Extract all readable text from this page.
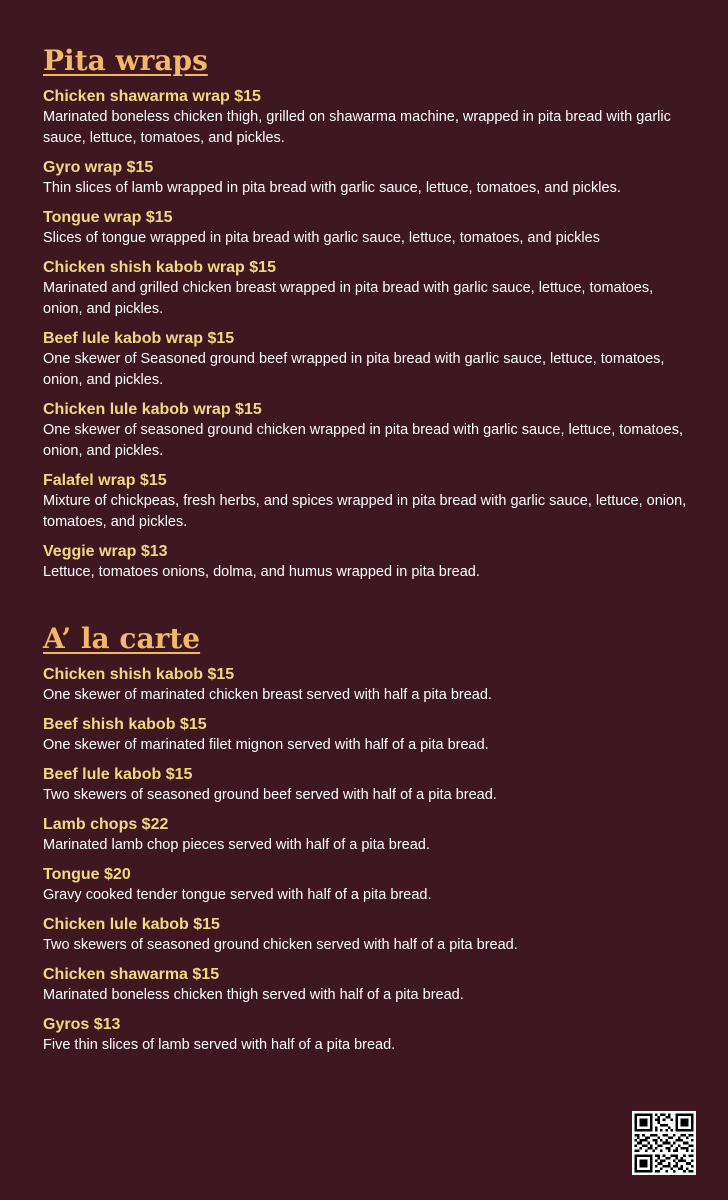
Pita wraps
Chicken shawarma wrap $15
Marinated boneless chicken thigh, grilled on shawarma machine, wrapped in pita bread with garlic sauce, lettuce, tomatoes, and pickles.
Gyro wrap $15
Thin slices of lamb wrapped in pita bread with garlic sauce, lettuce, tomatoes, and pickles.
Tongue wrap $15
Slices of tongue wrapped in pita bread with garlic sauce, lettuce, tomatoes, and pickles
Chicken shish kabob wrap $15
Marinated and grilled chicken breast wrapped in pita bread with garlic sauce, lettuce, tomatoes, onion, and pickles.
Beef lule kabob wrap $15
One skewer of Seasoned ground beef wrapped in pita bread with garlic sauce, lettuce, tomatoes, onion, and pickles.
Chicken lule kabob wrap $15
One skewer of seasoned ground chicken wrapped in pita bread with garlic sauce, lettuce, tomatoes, onion, and pickles.
Falafel wrap $15
Mixture of chickpeas, fresh herbs, and spices wrapped in pita bread with garlic sauce, lettuce, onion, tomatoes, and pickles.
Veggie wrap $13
Lettuce, tomatoes onions, dolma, and humus wrapped in pita bread.
A’ la carte
Chicken shish kabob $15
One skewer of marinated chicken breast served with half a pita bread.
Beef shish kabob $15
One skewer of marinated filet mignon served with half of a pita bread.
Beef lule kabob $15
Two skewers of seasoned ground beef served with half of a pita bread.
Lamb chops $22
Marinated lamb chop pieces served with half of a pita bread.
Tongue $20
Gravy cooked tender tongue served with half of a pita bread.
Chicken lule kabob $15
Two skewers of seasoned ground chicken served with half of a pita bread.
Chicken shawarma $15
Marinated boneless chicken thigh served with half of a pita bread.
Gyros $13
Five thin slices of lamb served with half of a pita bread.
